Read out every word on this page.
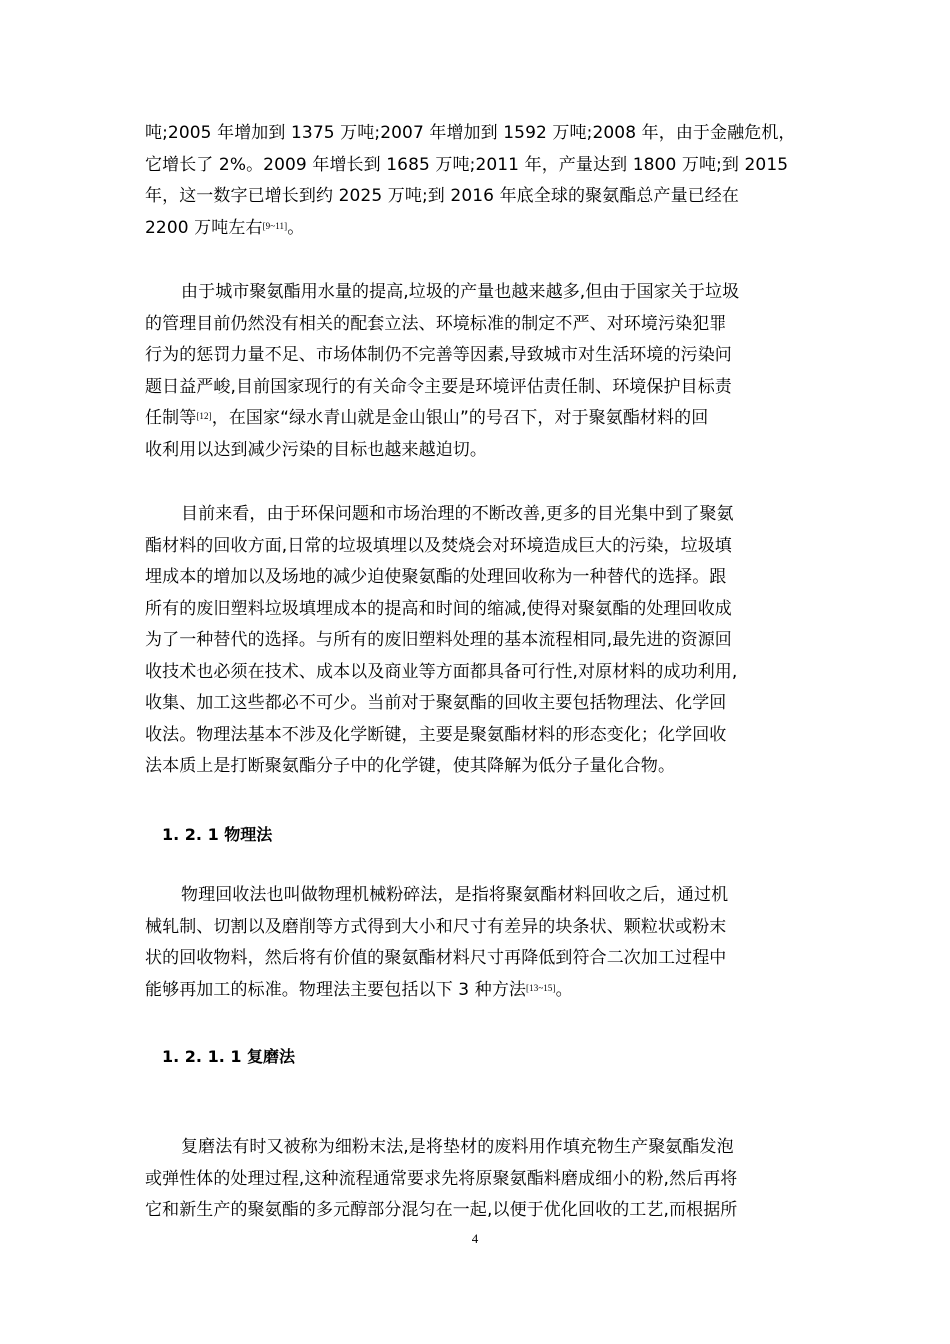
吨;2005 年增加到 1375 万吨;2007 年增加到 1592 万吨;2008 年，由于金融危机，
它增长了 2%。2009 年增长到 1685 万吨;2011 年，产量达到 1800 万吨;到 2015
年，这一数字已增长到约 2025 万吨;到 2016 年底全球的聚氨酯总产量已经在
2200 万吨左右[9~11]。

由于城市聚氨酯用水量的提高,垃圾的产量也越来越多,但由于国家关于垃圾
的管理目前仍然没有相关的配套立法、环境标准的制定不严、对环境污染犯罪
行为的惩罚力量不足、市场体制仍不完善等因素,导致城市对生活环境的污染问
题日益严峻,目前国家现行的有关命令主要是环境评估责任制、环境保护目标责
任制等[12]，在国家“绿水青山就是金山银山”的号召下，对于聚氨酯材料的回
收利用以达到减少污染的目标也越来越迫切。

目前来看，由于环保问题和市场治理的不断改善,更多的目光集中到了聚氨
酯材料的回收方面,日常的垃圾填埋以及焚烧会对环境造成巨大的污染，垃圾填
埋成本的增加以及场地的减少迫使聚氨酯的处理回收称为一种替代的选择。跟
所有的废旧塑料垃圾填埋成本的提高和时间的缩减,使得对聚氨酯的处理回收成
为了一种替代的选择。与所有的废旧塑料处理的基本流程相同,最先进的资源回
收技术也必须在技术、成本以及商业等方面都具备可行性,对原材料的成功利用,
收集、加工这些都必不可少。当前对于聚氨酯的回收主要包括物理法、化学回
收法。物理法基本不涉及化学断键，主要是聚氨酯材料的形态变化；化学回收
法本质上是打断聚氨酯分子中的化学键，使其降解为低分子量化合物。

1. 2. 1 物理法

物理回收法也叫做物理机械粉碎法，是指将聚氨酯材料回收之后，通过机
械轧制、切割以及磨削等方式得到大小和尺寸有差异的块条状、颗粒状或粉末
状的回收物料，然后将有价值的聚氨酯材料尺寸再降低到符合二次加工过程中
能够再加工的标准。物理法主要包括以下 3 种方法[13~15]。

1. 2. 1. 1 复磨法

复磨法有时又被称为细粉末法,是将垫材的废料用作填充物生产聚氨酯发泡
或弹性体的处理过程,这种流程通常要求先将原聚氨酯料磨成细小的粉,然后再将
它和新生产的聚氨酯的多元醇部分混匀在一起,以便于优化回收的工艺,而根据所

4
